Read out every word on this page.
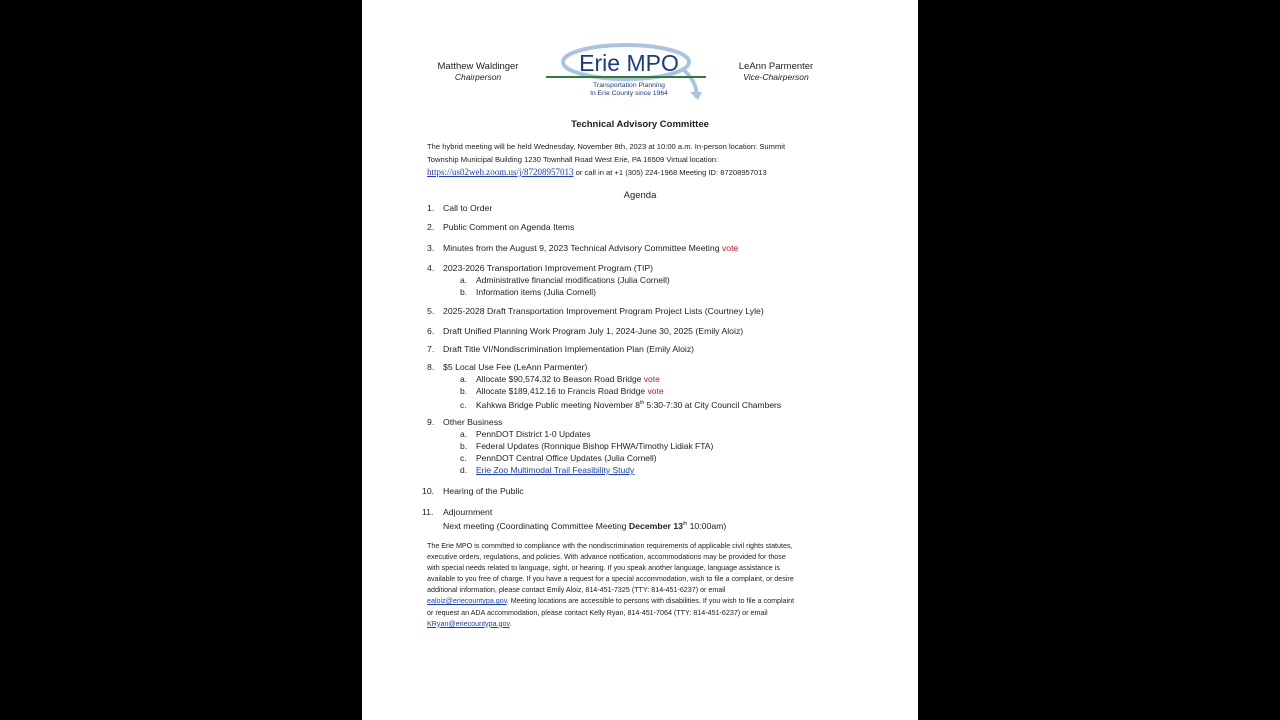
Matthew Waldinger
Chairperson
Erie MPO
Transportation Planning
In Erie County since 1964
LeAnn Parmenter
Vice-Chairperson
Technical Advisory Committee
The hybrid meeting will be held Wednesday, November 8th, 2023 at 10:00 a.m. In-person location: Summit
Township Municipal Building 1230 Townhall Road West Erie, PA 16509 Virtual location:
https://us02web.zoom.us/j/87208957013 or call in at +1 (305) 224-1968 Meeting ID: 87208957013
Agenda
1. Call to Order
2. Public Comment on Agenda Items
3. Minutes from the August 9, 2023 Technical Advisory Committee Meeting vote
4. 2023-2026 Transportation Improvement Program (TIP)
a. Administrative financial modifications (Julia Cornell)
b. Information items (Julia Cornell)
5. 2025-2028 Draft Transportation Improvement Program Project Lists (Courtney Lyle)
6. Draft Unified Planning Work Program July 1, 2024-June 30, 2025 (Emily Aloiz)
7. Draft Title VI/Nondiscrimination Implementation Plan (Emily Aloiz)
8. $5 Local Use Fee (LeAnn Parmenter)
a. Allocate $90,574.32 to Beason Road Bridge vote
b. Allocate $189,412.16 to Francis Road Bridge vote
c. Kahkwa Bridge Public meeting November 8th 5:30-7:30 at City Council Chambers
9. Other Business
a. PennDOT District 1-0 Updates
b. Federal Updates (Ronnique Bishop FHWA/Timothy Lidiak FTA)
c. PennDOT Central Office Updates (Julia Cornell)
d. Erie Zoo Multimodal Trail Feasibility Study
10. Hearing of the Public
11. Adjournment
Next meeting (Coordinating Committee Meeting December 13th 10:00am)
The Erie MPO is committed to compliance with the nondiscrimination requirements of applicable civil rights statutes,
executive orders, regulations, and policies. With advance notification, accommodations may be provided for those
with special needs related to language, sight, or hearing. If you speak another language, language assistance is
available to you free of charge. If you have a request for a special accommodation, wish to file a complaint, or desire
additional information, please contact Emily Aloiz, 814-451-7325 (TTY: 814-451-6237) or email
ealoiz@eriecountypa.gov. Meeting locations are accessible to persons with disabilities. If you wish to file a complaint
or request an ADA accommodation, please contact Kelly Ryan, 814-451-7064 (TTY: 814-451-6237) or email
KRyan@eriecountypa.gov.
